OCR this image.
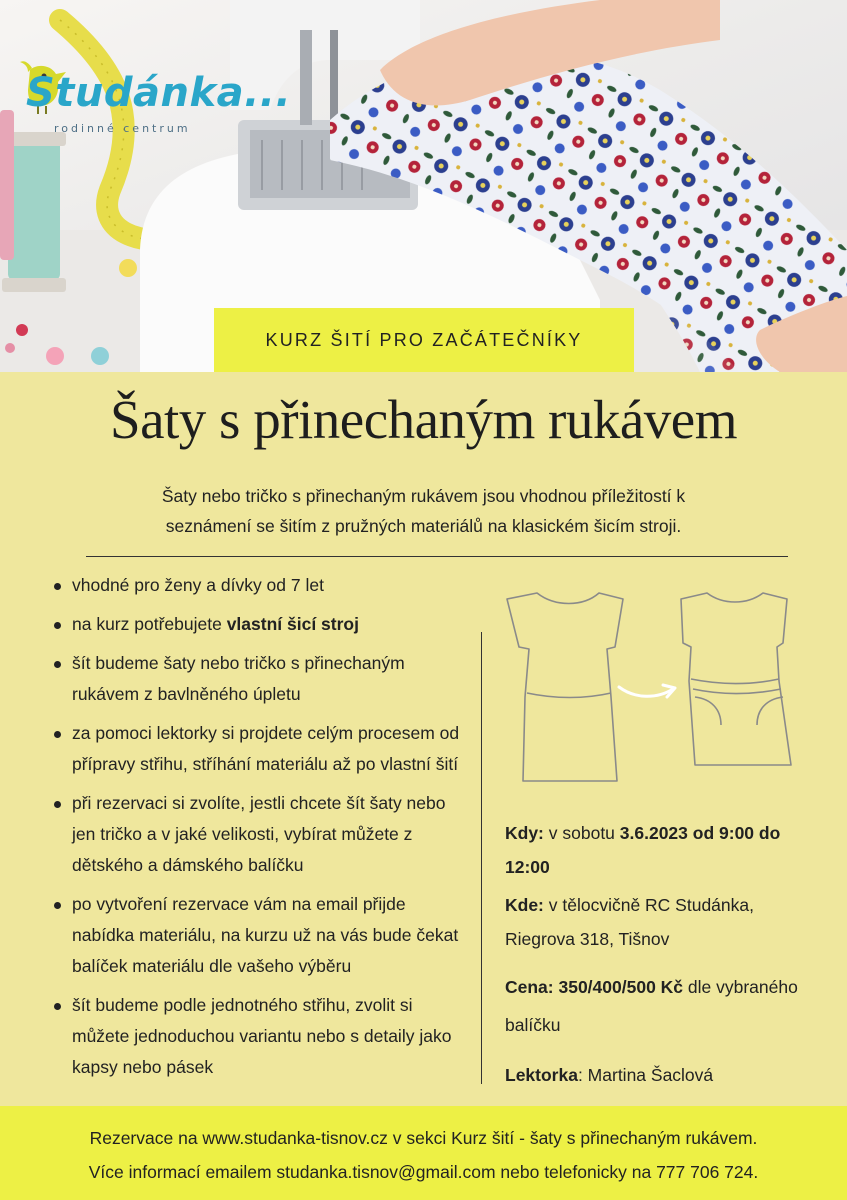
Studánka...
rodinné centrum
KURZ ŠITÍ PRO ZAČÁTEČNÍKY
Šaty s přinechaným rukávem
Šaty nebo tričko s přinechaným rukávem jsou vhodnou příležitostí k
seznámení se šitím z pružných materiálů na klasickém šicím stroji.
vhodné pro ženy a dívky od 7 let
na kurz potřebujete vlastní šicí stroj
šít budeme šaty nebo tričko s přinechaným rukávem z bavlněného úpletu
za pomoci lektorky si projdete celým procesem od přípravy střihu, stříhání materiálu až po vlastní šití
při rezervaci si zvolíte, jestli chcete šít šaty nebo jen tričko a v jaké velikosti, vybírat můžete z dětského a dámského balíčku
po vytvoření rezervace vám na email přijde nabídka materiálu, na kurzu už na vás bude čekat balíček materiálu dle vašeho výběru
šít budeme podle jednotného střihu, zvolit si můžete jednoduchou variantu nebo s detaily jako kapsy nebo pásek

Kdy: v sobotu 3.6.2023 od 9:00 do 12:00

Kde: v tělocvičně RC Studánka, Riegrova 318, Tišnov

Cena: 350/400/500 Kč dle vybraného balíčku

Lektorka: Martina Šaclová

Rezervace na www.studanka-tisnov.cz v sekci Kurz šití - šaty s přinechaným rukávem.

Více informací emailem studanka.tisnov@gmail.com nebo telefonicky na 777 706 724.
